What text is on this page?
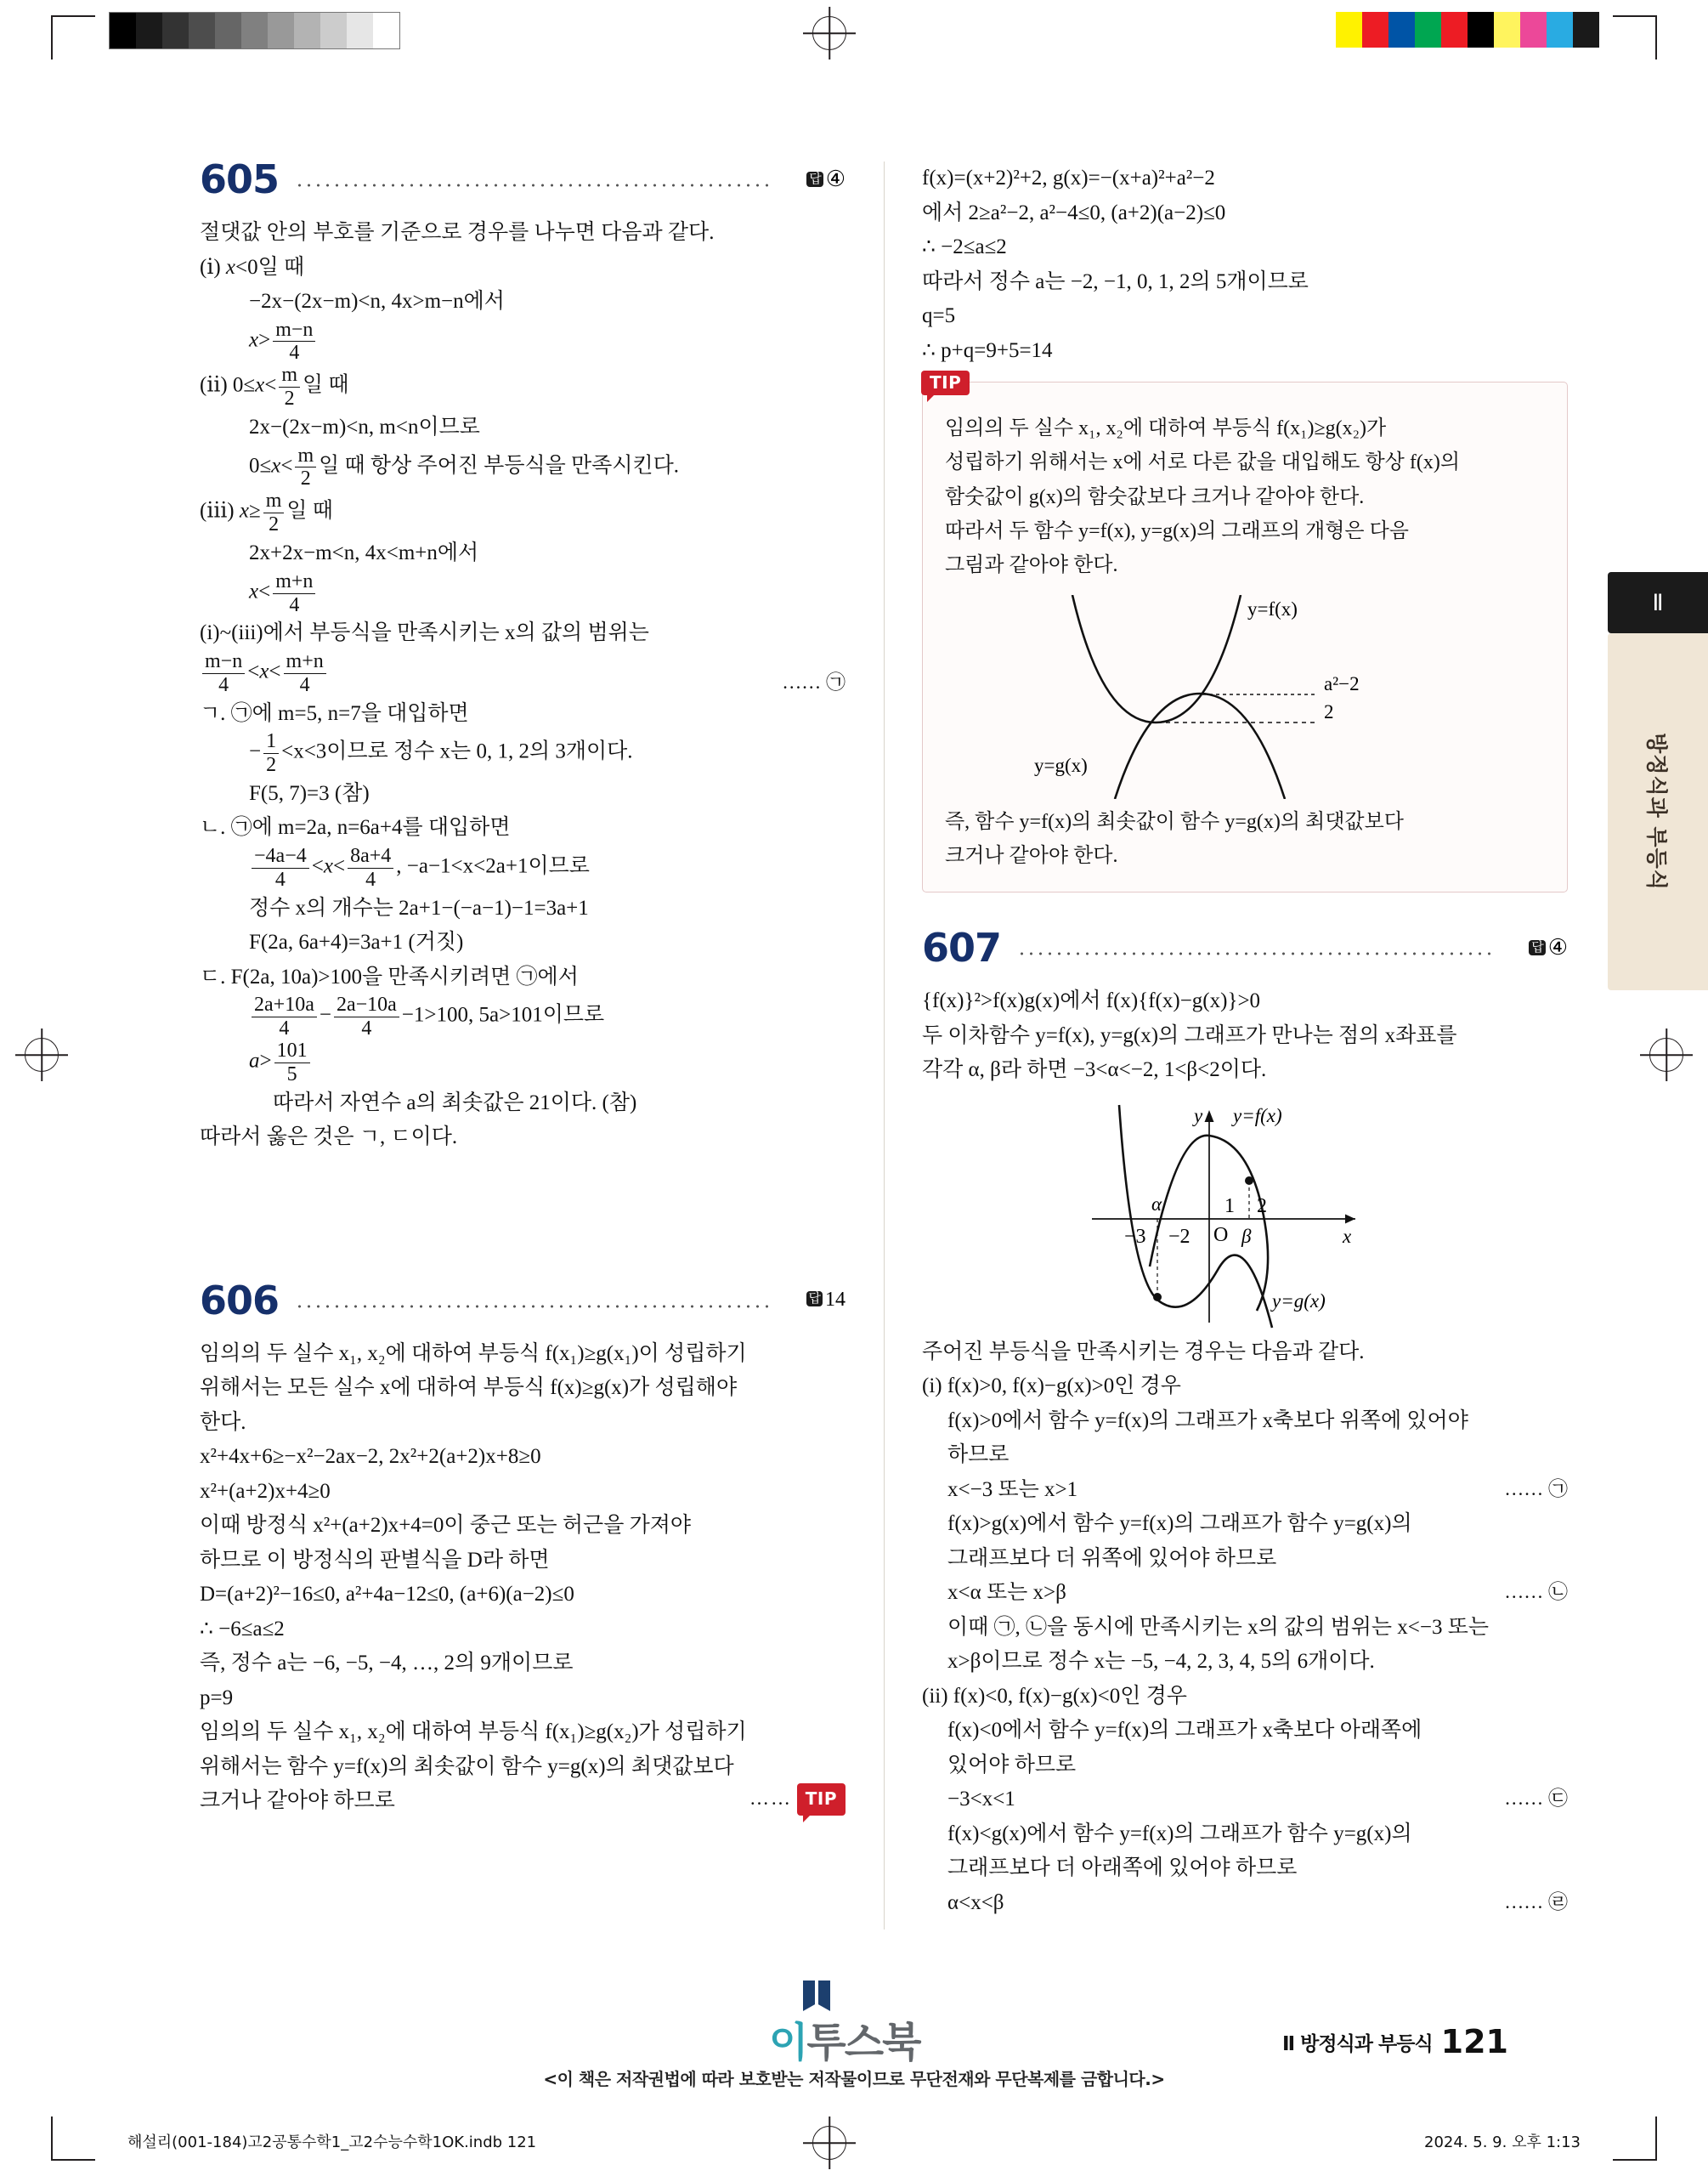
605	답 ④
절댓값 안의 부호를 기준으로 경우를 나누면 다음과 같다.
(ⅰ) x<0일 때
−2x−(2x−m)<n, 4x>m−n에서
$x> \frac{m-n}{4}$
(ⅱ) $0\le x< \frac{m}{2}$ 일 때
2x−(2x−m)<n, m<n이므로
$0\le x< \frac{m}{2}$ 일 때 항상 주어진 부등식을 만족시킨다.
(ⅲ) $x\ge \frac{m}{2}$ 일 때
2x+2x−m<n, 4x<m+n에서
$x< \frac{m+n}{4}$
(i)~(iii)에서 부등식을 만족시키는 x의 값의 범위는
$\frac{m-n}{4} <x< \frac{m+n}{4}$	…… ㉠
ㄱ. ㉠에 m=5, n=7을 대입하면
− $\frac{1}{2} <x<3$이므로 정수 x는 0, 1, 2의 3개이다.
F(5, 7)=3 (참)
ㄴ. ㉠에 m=2a, n=6a+4를 대입하면
$\frac{-4a-4}{4} <x< \frac{8a+4}{4}$ , −a−1<x<2a+1이므로
정수 x의 개수는 2a+1−(−a−1)−1=3a+1
F(2a, 6a+4)=3a+1 (거짓)
ㄷ. F(2a, 10a)>100을 만족시키려면 ㉠에서
$\frac{2a+10a}{4} - \frac{2a-10a}{4} -1>100$, 5a>101이므로
$a> \frac{101}{5}$
따라서 자연수 a의 최솟값은 21이다. (참)
따라서 옳은 것은 ㄱ, ㄷ이다.
606	답 14
임의의 두 실수 x₁, x₂에 대하여 부등식 f(x₁)≥g(x₁)이 성립하기
위해서는 모든 실수 x에 대하여 부등식 f(x)≥g(x)가 성립해야
한다.
x²+4x+6≥−x²−2ax−2, 2x²+2(a+2)x+8≥0
x²+(a+2)x+4≥0
이때 방정식 x²+(a+2)x+4=0이 중근 또는 허근을 가져야
하므로 이 방정식의 판별식을 D라 하면
D=(a+2)²−16≤0, a²+4a−12≤0, (a+6)(a−2)≤0
∴ −6≤a≤2
즉, 정수 a는 −6, −5, −4, …, 2의 9개이므로
p=9
임의의 두 실수 x₁, x₂에 대하여 부등식 f(x₁)≥g(x₂)가 성립하기
위해서는 함수 y=f(x)의 최솟값이 함수 y=g(x)의 최댓값보다
크거나 같아야 하므로	…… TIP
f(x)=(x+2)²+2, g(x)=−(x+a)²+a²−2
에서 2≥a²−2, a²−4≤0, (a+2)(a−2)≤0
∴ −2≤a≤2
따라서 정수 a는 −2, −1, 0, 1, 2의 5개이므로
q=5
∴ p+q=9+5=14
TIP
임의의 두 실수 x₁, x₂에 대하여 부등식 f(x₁)≥g(x₂)가
성립하기 위해서는 x에 서로 다른 값을 대입해도 항상 f(x)의
함숫값이 g(x)의 함숫값보다 크거나 같아야 한다.
따라서 두 함수 y=f(x), y=g(x)의 그래프의 개형은 다음
그림과 같아야 한다.
y=f(x)
y=g(x)
2
a²−2
즉, 함수 y=f(x)의 최솟값이 함수 y=g(x)의 최댓값보다
크거나 같아야 한다.
607	답 ④
{f(x)}²>f(x)g(x)에서 f(x){f(x)−g(x)}>0
두 이차함수 y=f(x), y=g(x)의 그래프가 만나는 점의 x좌표를
각각 α, β라 하면 −3<α<−2, 1<β<2이다.
−3 −2
1 2
α
β
O
y
x
y=f(x)
y=g(x)
주어진 부등식을 만족시키는 경우는 다음과 같다.
(i) f(x)>0, f(x)−g(x)>0인 경우
f(x)>0에서 함수 y=f(x)의 그래프가 x축보다 위쪽에 있어야
하므로
x<−3 또는 x>1	…… ㉠
f(x)>g(x)에서 함수 y=f(x)의 그래프가 함수 y=g(x)의
그래프보다 더 위쪽에 있어야 하므로
x<α 또는 x>β	…… ㉡
이때 ㉠, ㉡을 동시에 만족시키는 x의 값의 범위는 x<−3 또는
x>β이므로 정수 x는 −5, −4, 2, 3, 4, 5의 6개이다.
(ii) f(x)<0, f(x)−g(x)<0인 경우
f(x)<0에서 함수 y=f(x)의 그래프가 x축보다 아래쪽에
있어야 하므로
−3<x<1	…… ㉢
f(x)<g(x)에서 함수 y=f(x)의 그래프가 함수 y=g(x)의
그래프보다 더 아래쪽에 있어야 하므로
α<x<β	…… ㉣
Ⅱ
방정식과 부등식
이투스북
<이 책은 저작권법에 따라 보호받는 저작물이므로 무단전재와 무단복제를 금합니다.>
Ⅱ 방정식과 부등식 121
해설리(001-184)고2공통수학1_고2수능수학1OK.indb 121	2024. 5. 9. 오후 1:13
